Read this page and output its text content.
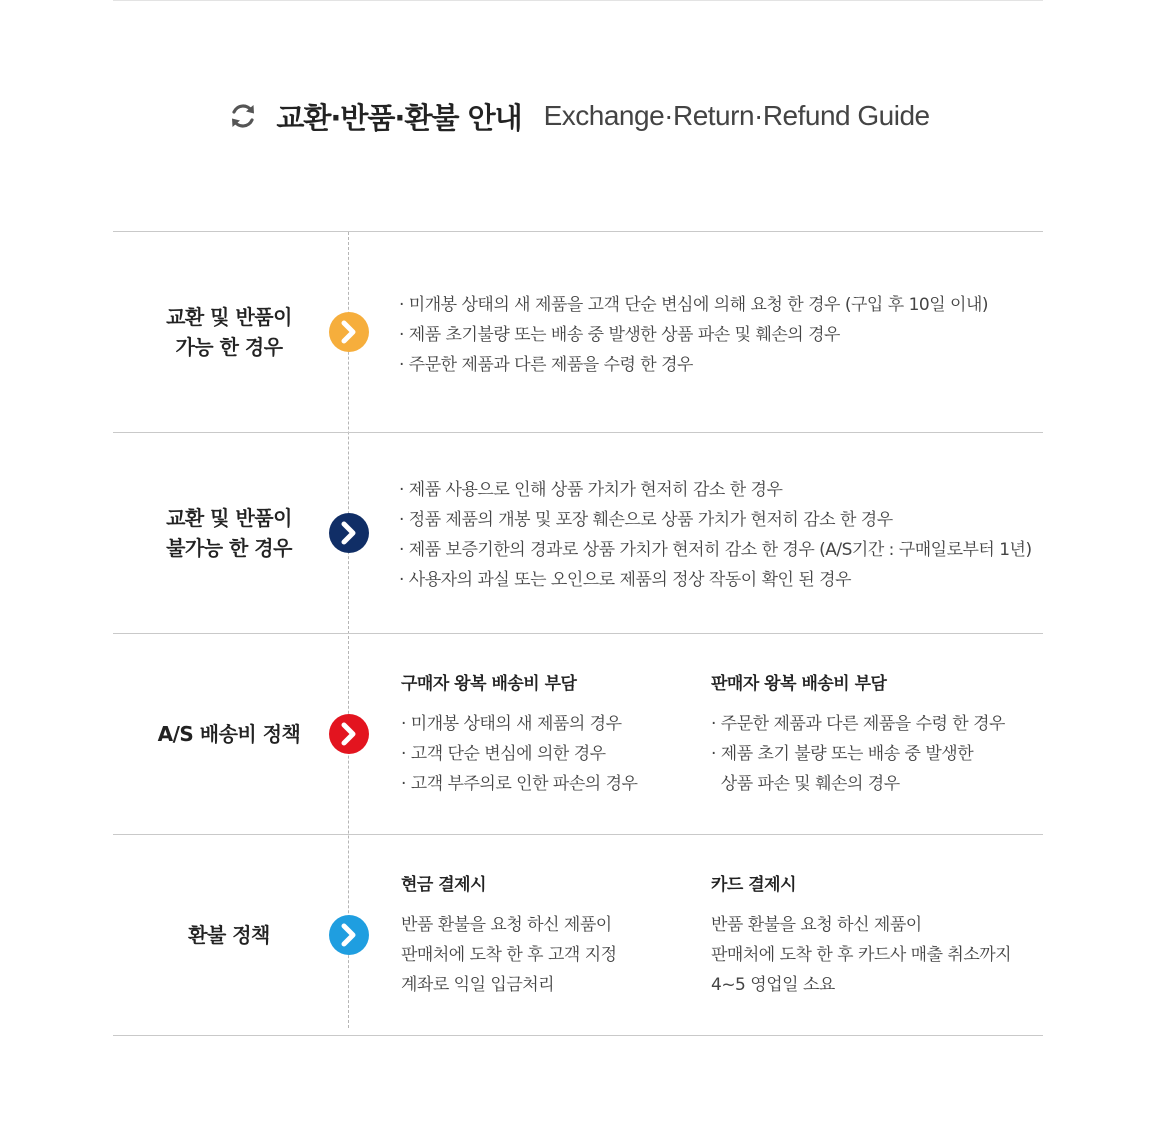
교환·반품·환불 안내 Exchange·Return·Refund Guide
교환 및 반품이
가능 한 경우
· 미개봉 상태의 새 제품을 고객 단순 변심에 의해 요청 한 경우 (구입 후 10일 이내)
· 제품 초기불량 또는 배송 중 발생한 상품 파손 및 훼손의 경우
· 주문한 제품과 다른 제품을 수령 한 경우
교환 및 반품이
불가능 한 경우
· 제품 사용으로 인해 상품 가치가 현저히 감소 한 경우
· 정품 제품의 개봉 및 포장 훼손으로 상품 가치가 현저히 감소 한 경우
· 제품 보증기한의 경과로 상품 가치가 현저히 감소 한 경우 (A/S기간 : 구매일로부터 1년)
· 사용자의 과실 또는 오인으로 제품의 정상 작동이 확인 된 경우
A/S 배송비 정책
구매자 왕복 배송비 부담
· 미개봉 상태의 새 제품의 경우
· 고객 단순 변심에 의한 경우
· 고객 부주의로 인한 파손의 경우
판매자 왕복 배송비 부담
· 주문한 제품과 다른 제품을 수령 한 경우
· 제품 초기 불량 또는 배송 중 발생한
상품 파손 및 훼손의 경우
환불 정책
현금 결제시
반품 환불을 요청 하신 제품이
판매처에 도착 한 후 고객 지정
계좌로 익일 입금처리
카드 결제시
반품 환불을 요청 하신 제품이
판매처에 도착 한 후 카드사 매출 취소까지
4~5 영업일 소요
